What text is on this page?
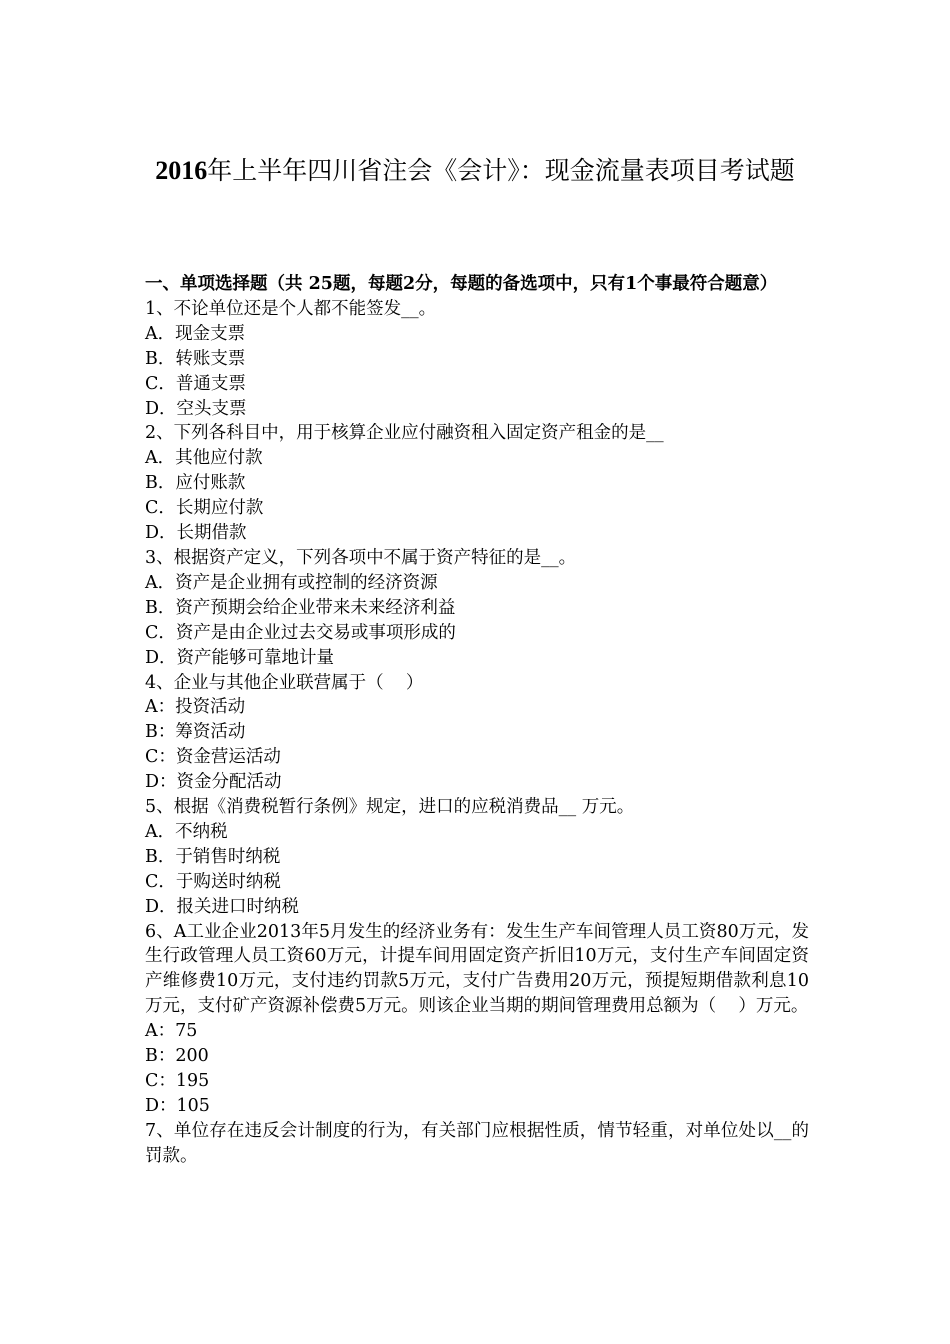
2016年上半年四川省注会《会计》：现金流量表项目考试题

一、单项选择题（共 25题，每题2分，每题的备选项中，只有1个事最符合题意）

1、不论单位还是个人都不能签发__。

A．现金支票

B．转账支票

C．普通支票

D．空头支票

2、下列各科目中，用于核算企业应付融资租入固定资产租金的是__

A．其他应付款

B．应付账款

C．长期应付款

D．长期借款

3、根据资产定义，下列各项中不属于资产特征的是__。

A．资产是企业拥有或控制的经济资源

B．资产预期会给企业带来未来经济利益

C．资产是由企业过去交易或事项形成的

D．资产能够可靠地计量

4、企业与其他企业联营属于（    ）

A：投资活动

B：筹资活动

C：资金营运活动

D：资金分配活动

5、根据《消费税暂行条例》规定，进口的应税消费品__ 万元。

A．不纳税

B．于销售时纳税

C．于购送时纳税

D．报关进口时纳税

6、A工业企业2013年5月发生的经济业务有：发生生产车间管理人员工资80万元，发生行政管理人员工资60万元，计提车间用固定资产折旧10万元，支付生产车间固定资产维修费10万元，支付违约罚款5万元，支付广告费用20万元，预提短期借款利息10万元，支付矿产资源补偿费5万元。则该企业当期的期间管理费用总额为（    ）万元。

A：75

B：200

C：195

D：105

7、单位存在违反会计制度的行为，有关部门应根据性质，情节轻重，对单位处以__的罚款。
